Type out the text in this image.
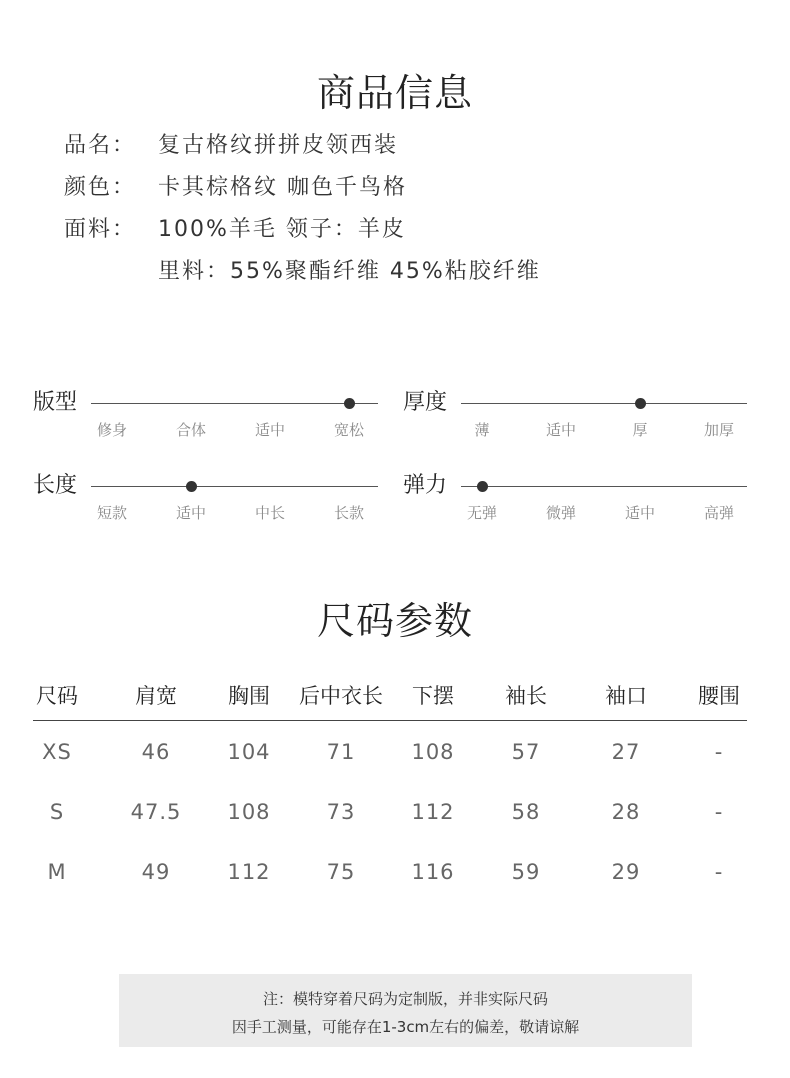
商品信息
品名： 复古格纹拼拼皮领西装
颜色： 卡其棕格纹 咖色千鸟格
面料： 100%羊毛 领子：羊皮
里料：55%聚酯纤维 45%粘胶纤维
版型
修身	合体	适中	宽松
厚度
薄	适中	厚	加厚
长度
短款	适中	中长	长款
弹力
无弹	微弹	适中	高弹
尺码参数
尺码	肩宽	胸围	后中衣长	下摆	袖长	袖口	腰围
XS	46	104	71	108	57	27	-
S	47.5	108	73	112	58	28	-
M	49	112	75	116	59	29	-
注：模特穿着尺码为定制版，并非实际尺码
因手工测量，可能存在1-3cm左右的偏差，敬请谅解
